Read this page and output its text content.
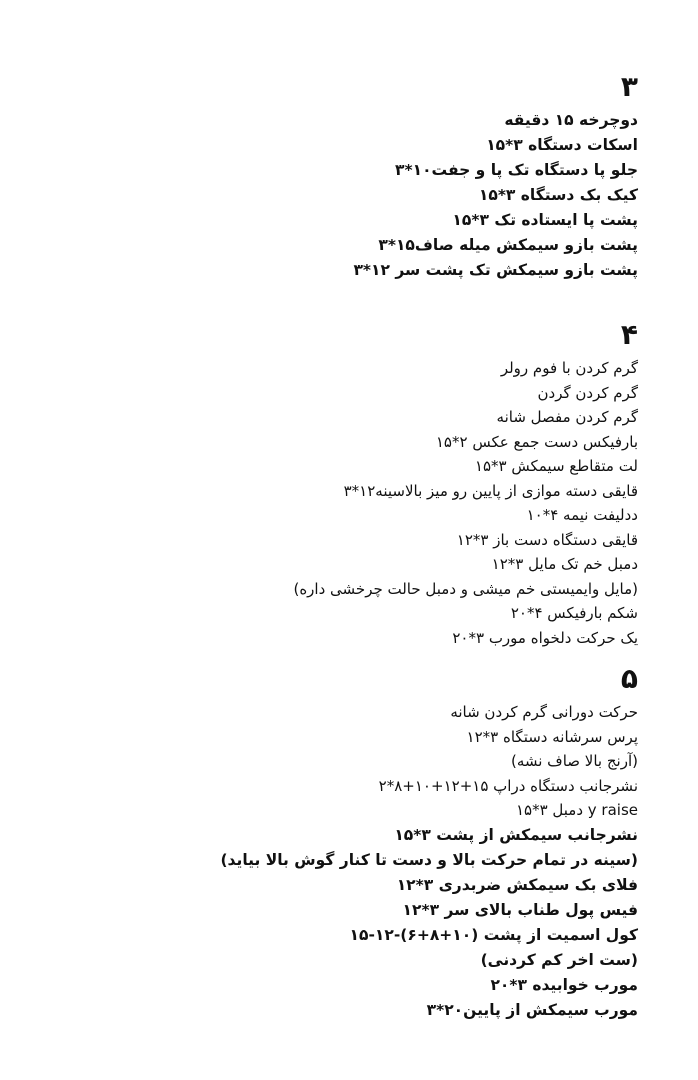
۳
دوچرخه ۱۵ دقیقه
اسکات دستگاه ۳*۱۵
جلو پا دستگاه تک پا و جفت۱۰*۳
کیک بک دستگاه ۳*۱۵
پشت پا ایستاده تک ۳*۱۵
پشت بازو سیمکش میله صاف۱۵*۳
پشت بازو سیمکش تک پشت سر ۱۲*۳
۴
گرم کردن با فوم رولر
گرم کردن گردن
گرم کردن مفصل شانه
بارفیکس دست جمع عکس ۲*۱۵
لت متقاطع سیمکش ۳*۱۵
قایقی دسته موازی از پایین رو میز بالاسینه۱۲*۳
ددلیفت نیمه ۴*۱۰
قایقی دستگاه دست باز ۳*۱۲
دمبل خم تک مایل ۳*۱۲
(مایل وایمیستی خم میشی و دمبل حالت چرخشی داره)
شکم بارفیکس ۴*۲۰
یک حرکت دلخواه مورب ۳*۲۰
۵
حرکت دورانی گرم کردن شانه
پرس سرشانه دستگاه ۳*۱۲
(آرنج بالا صاف نشه)
نشرجانب دستگاه دراپ ۱۵+۱۲+۱۰+۸*۲
y raise دمبل ۳*۱۵
نشرجانب سیمکش از پشت ۳*۱۵
(سینه در تمام حرکت بالا و دست تا کنار گوش بالا بیاید)
فلای بک سیمکش ضربدری ۳*۱۲
فیس پول طناب بالای سر ۳*۱۲
کول اسمیت از پشت (۱۰+۸+۶)-۱۲-۱۵
(ست اخر کم کردنی)
مورب خوابیده ۳*۲۰
مورب سیمکش از پایین۲۰*۳
